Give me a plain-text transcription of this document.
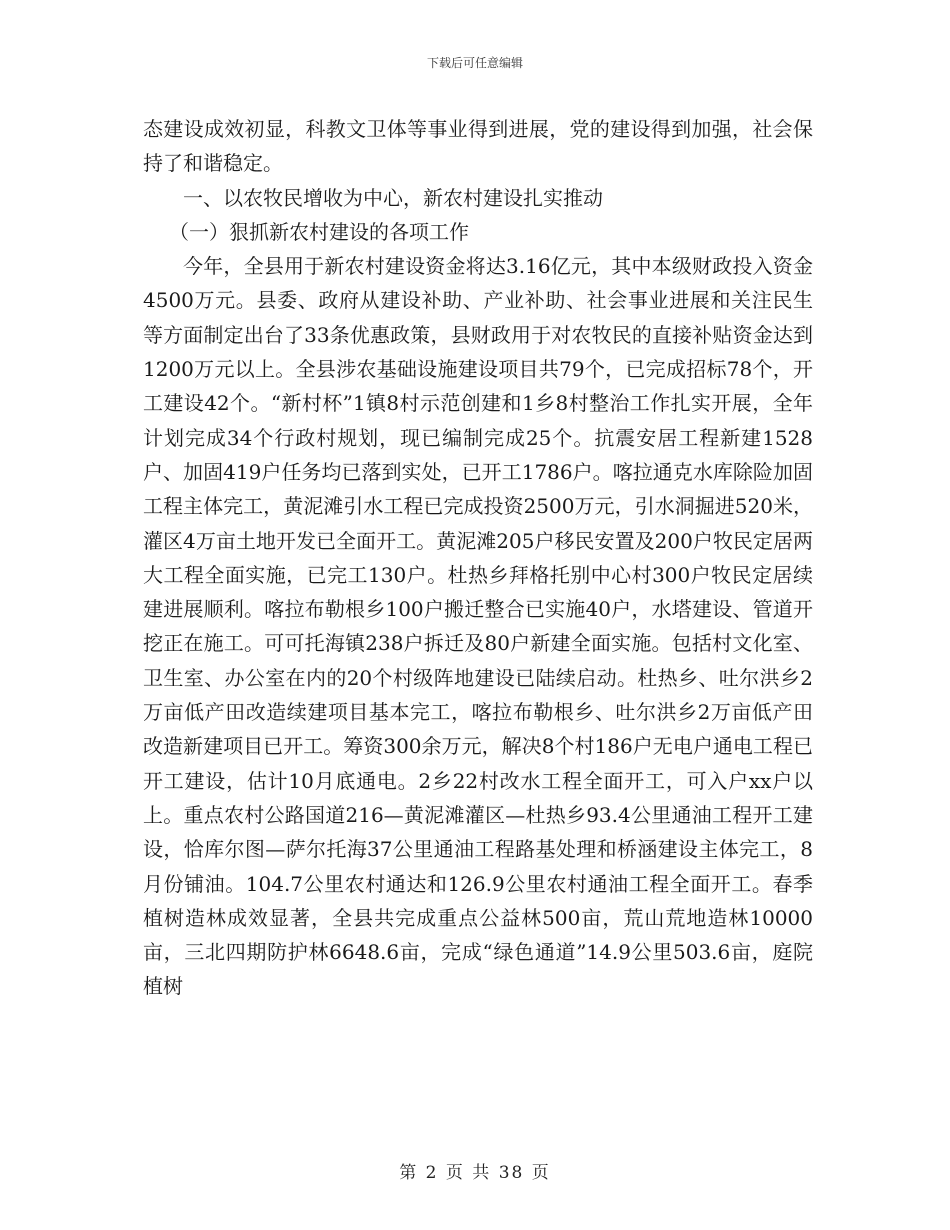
下载后可任意编辑

态建设成效初显，科教文卫体等事业得到进展，党的建设得到加强，社会保持了和谐稳定。

一、以农牧民增收为中心，新农村建设扎实推动

（一）狠抓新农村建设的各项工作

今年，全县用于新农村建设资金将达3.16亿元，其中本级财政投入资金4500万元。县委、政府从建设补助、产业补助、社会事业进展和关注民生等方面制定出台了33条优惠政策，县财政用于对农牧民的直接补贴资金达到1200万元以上。全县涉农基础设施建设项目共79个，已完成招标78个，开工建设42个。“新村杯”1镇8村示范创建和1乡8村整治工作扎实开展，全年计划完成34个行政村规划，现已编制完成25个。抗震安居工程新建1528户、加固419户任务均已落到实处，已开工1786户。喀拉通克水库除险加固工程主体完工，黄泥滩引水工程已完成投资2500万元，引水洞掘进520米，灌区4万亩土地开发已全面开工。黄泥滩205户移民安置及200户牧民定居两大工程全面实施，已完工130户。杜热乡拜格托别中心村300户牧民定居续建进展顺利。喀拉布勒根乡100户搬迁整合已实施40户，水塔建设、管道开挖正在施工。可可托海镇238户拆迁及80户新建全面实施。包括村文化室、卫生室、办公室在内的20个村级阵地建设已陆续启动。杜热乡、吐尔洪乡2万亩低产田改造续建项目基本完工，喀拉布勒根乡、吐尔洪乡2万亩低产田改造新建项目已开工。筹资300余万元，解决8个村186户无电户通电工程已开工建设，估计10月底通电。2乡22村改水工程全面开工，可入户xx户以上。重点农村公路国道216—黄泥滩灌区—杜热乡93.4公里通油工程开工建设，恰库尔图—萨尔托海37公里通油工程路基处理和桥涵建设主体完工，8月份铺油。104.7公里农村通达和126.9公里农村通油工程全面开工。春季植树造林成效显著，全县共完成重点公益林500亩，荒山荒地造林10000亩，三北四期防护林6648.6亩，完成“绿色通道”14.9公里503.6亩，庭院植树

第 2 页 共 38 页
